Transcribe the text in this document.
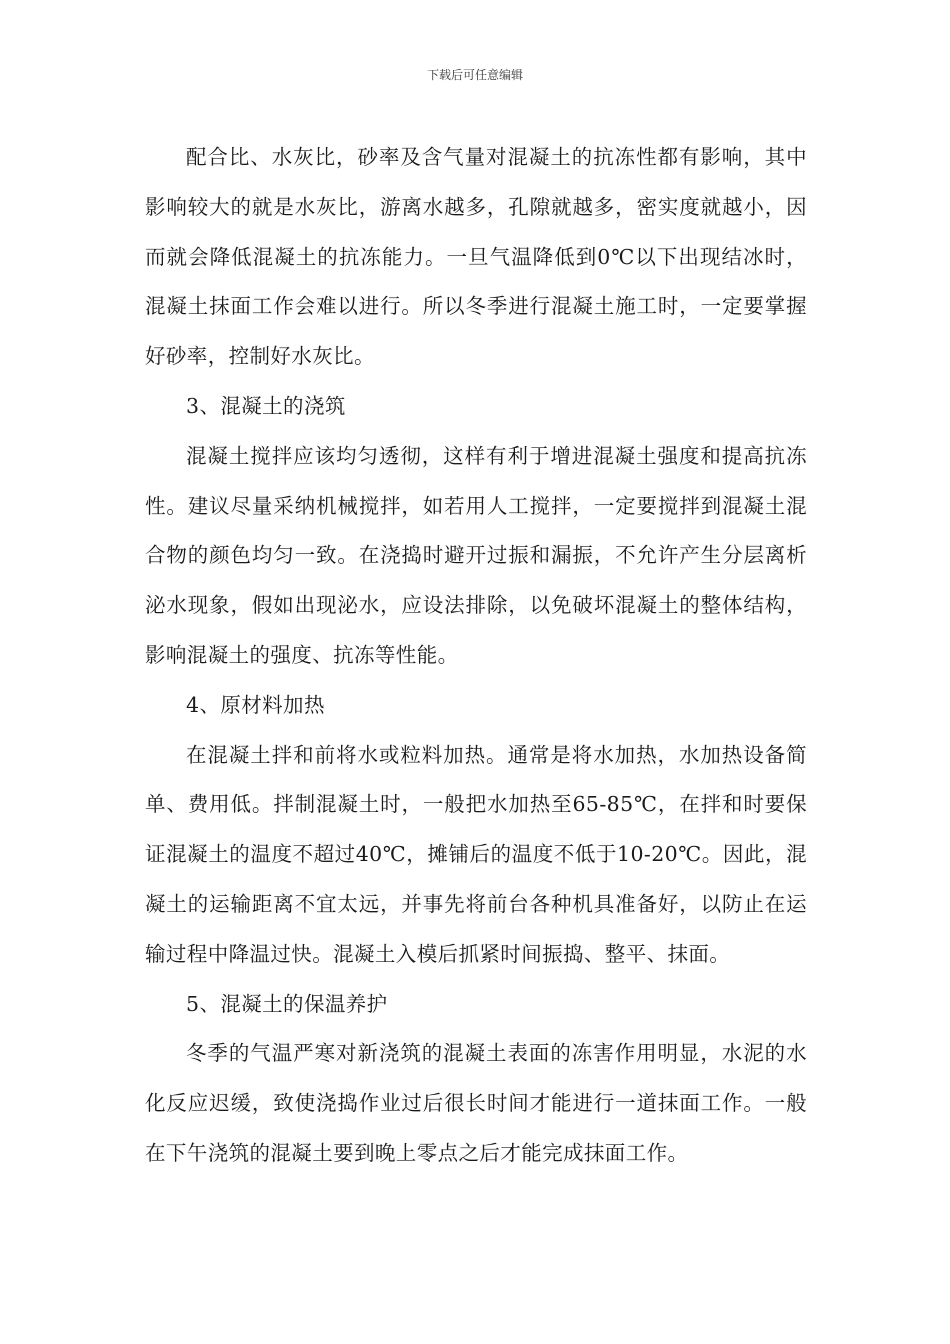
下载后可任意编辑

配合比、水灰比，砂率及含气量对混凝土的抗冻性都有影响，其中影响较大的就是水灰比，游离水越多，孔隙就越多，密实度就越小，因而就会降低混凝土的抗冻能力。一旦气温降低到0℃以下出现结冰时，混凝土抹面工作会难以进行。所以冬季进行混凝土施工时，一定要掌握好砂率，控制好水灰比。

3、混凝土的浇筑

混凝土搅拌应该均匀透彻，这样有利于增进混凝土强度和提高抗冻性。建议尽量采纳机械搅拌，如若用人工搅拌，一定要搅拌到混凝土混合物的颜色均匀一致。在浇捣时避开过振和漏振，不允许产生分层离析泌水现象，假如出现泌水，应设法排除，以免破坏混凝土的整体结构，影响混凝土的强度、抗冻等性能。

4、原材料加热

在混凝土拌和前将水或粒料加热。通常是将水加热，水加热设备简单、费用低。拌制混凝土时，一般把水加热至65-85℃，在拌和时要保证混凝土的温度不超过40℃，摊铺后的温度不低于10-20℃。因此，混凝土的运输距离不宜太远，并事先将前台各种机具准备好，以防止在运输过程中降温过快。混凝土入模后抓紧时间振捣、整平、抹面。

5、混凝土的保温养护

冬季的气温严寒对新浇筑的混凝土表面的冻害作用明显，水泥的水化反应迟缓，致使浇捣作业过后很长时间才能进行一道抹面工作。一般在下午浇筑的混凝土要到晚上零点之后才能完成抹面工作。
